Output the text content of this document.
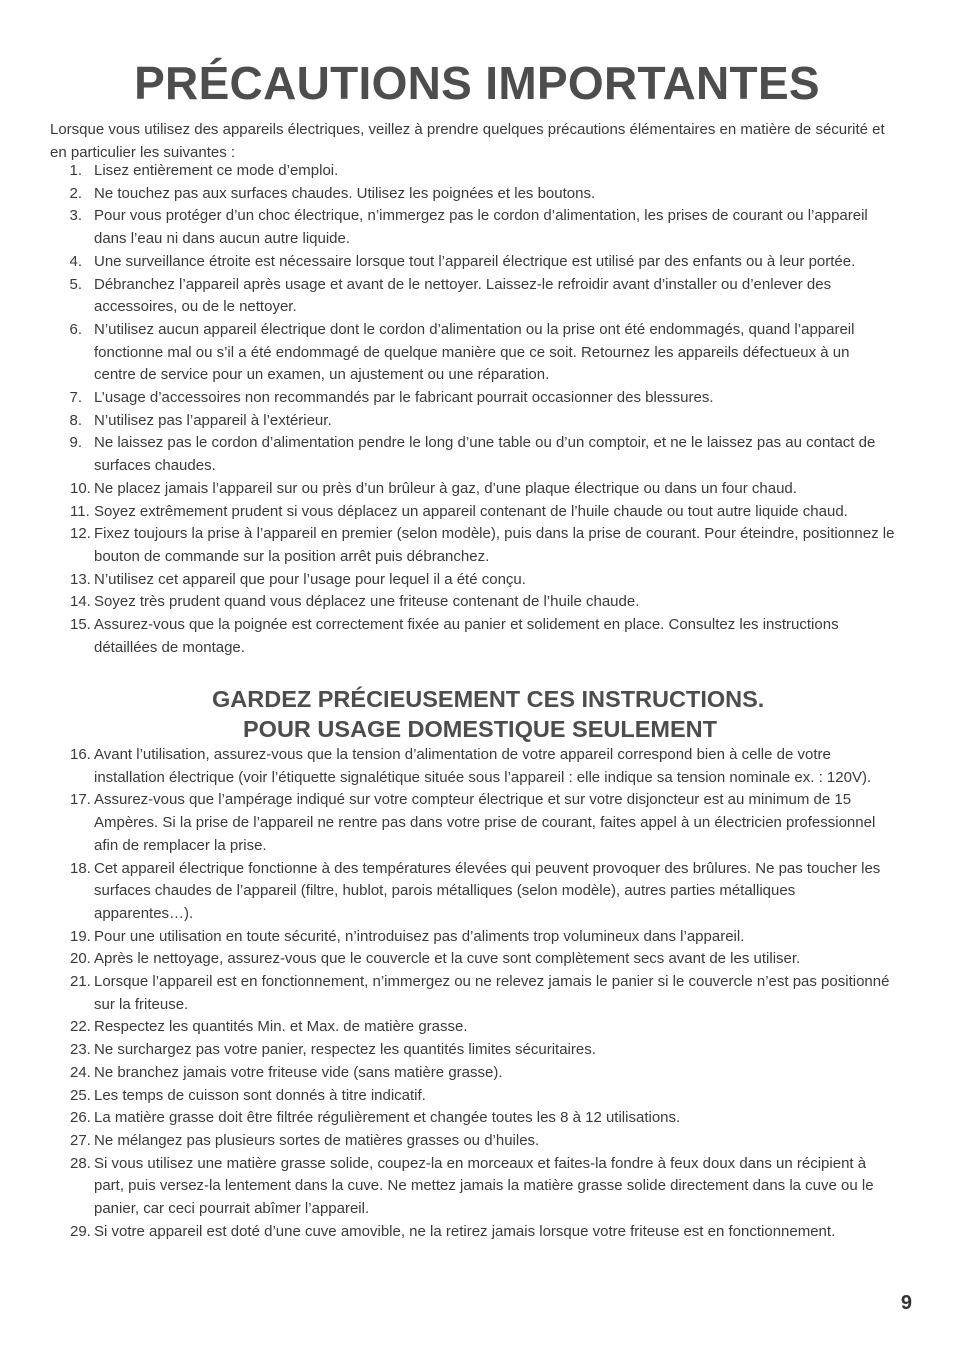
PRÉCAUTIONS IMPORTANTES

Lorsque vous utilisez des appareils électriques, veillez à prendre quelques précautions élémentaires en matière de sécurité et en particulier les suivantes :

1. Lisez entièrement ce mode d’emploi.
2. Ne touchez pas aux surfaces chaudes. Utilisez les poignées et les boutons.
3. Pour vous protéger d’un choc électrique, n’immergez pas le cordon d’alimentation, les prises de courant ou l’appareil dans l’eau ni dans aucun autre liquide.
4. Une surveillance étroite est nécessaire lorsque tout l’appareil électrique est utilisé par des enfants ou à leur portée.
5. Débranchez l’appareil après usage et avant de le nettoyer. Laissez-le refroidir avant d’installer ou d’enlever des accessoires, ou de le nettoyer.
6. N’utilisez aucun appareil électrique dont le cordon d’alimentation ou la prise ont été endommagés, quand l’appareil fonctionne mal ou s’il a été endommagé de quelque manière que ce soit. Retournez les appareils défectueux à un centre de service pour un examen, un ajustement ou une réparation.
7. L’usage d’accessoires non recommandés par le fabricant pourrait occasionner des blessures.
8. N’utilisez pas l’appareil à l’extérieur.
9. Ne laissez pas le cordon d’alimentation pendre le long d’une table ou d’un comptoir, et ne le laissez pas au contact de surfaces chaudes.
10. Ne placez jamais l’appareil sur ou près d’un brûleur à gaz, d’une plaque électrique ou dans un four chaud.
11. Soyez extrêmement prudent si vous déplacez un appareil contenant de l’huile chaude ou tout autre liquide chaud.
12. Fixez toujours la prise à l’appareil en premier (selon modèle), puis dans la prise de courant. Pour éteindre, positionnez le bouton de commande sur la position arrêt puis débranchez.
13. N’utilisez cet appareil que pour l’usage pour lequel il a été conçu.
14. Soyez très prudent quand vous déplacez une friteuse contenant de l’huile chaude.
15. Assurez-vous que la poignée est correctement fixée au panier et solidement en place. Consultez les instructions détaillées de montage.

GARDEZ PRÉCIEUSEMENT CES INSTRUCTIONS.
POUR USAGE DOMESTIQUE SEULEMENT

16. Avant l’utilisation, assurez-vous que la tension d’alimentation de votre appareil correspond bien à celle de votre installation électrique (voir l’étiquette signalétique située sous l’appareil : elle indique sa tension nominale ex. : 120V).
17. Assurez-vous que l’ampérage indiqué sur votre compteur électrique et sur votre disjoncteur est au minimum de 15 Ampères. Si la prise de l’appareil ne rentre pas dans votre prise de courant, faites appel à un électricien professionnel afin de remplacer la prise.
18. Cet appareil électrique fonctionne à des températures élevées qui peuvent provoquer des brûlures. Ne pas toucher les surfaces chaudes de l’appareil (filtre, hublot, parois métalliques (selon modèle), autres parties métalliques apparentes…).
19. Pour une utilisation en toute sécurité, n’introduisez pas d’aliments trop volumineux dans l’appareil.
20. Après le nettoyage, assurez-vous que le couvercle et la cuve sont complètement secs avant de les utiliser.
21. Lorsque l’appareil est en fonctionnement, n’immergez ou ne relevez jamais le panier si le couvercle n’est pas positionné sur la friteuse.
22. Respectez les quantités Min. et Max. de matière grasse.
23. Ne surchargez pas votre panier, respectez les quantités limites sécuritaires.
24. Ne branchez jamais votre friteuse vide (sans matière grasse).
25. Les temps de cuisson sont donnés à titre indicatif.
26. La matière grasse doit être filtrée régulièrement et changée toutes les 8 à 12 utilisations.
27. Ne mélangez pas plusieurs sortes de matières grasses ou d’huiles.
28. Si vous utilisez une matière grasse solide, coupez-la en morceaux et faites-la fondre à feux doux dans un récipient à part, puis versez-la lentement dans la cuve. Ne mettez jamais la matière grasse solide directement dans la cuve ou le panier, car ceci pourrait abîmer l’appareil.
29. Si votre appareil est doté d’une cuve amovible, ne la retirez jamais lorsque votre friteuse est en fonctionnement.
9
